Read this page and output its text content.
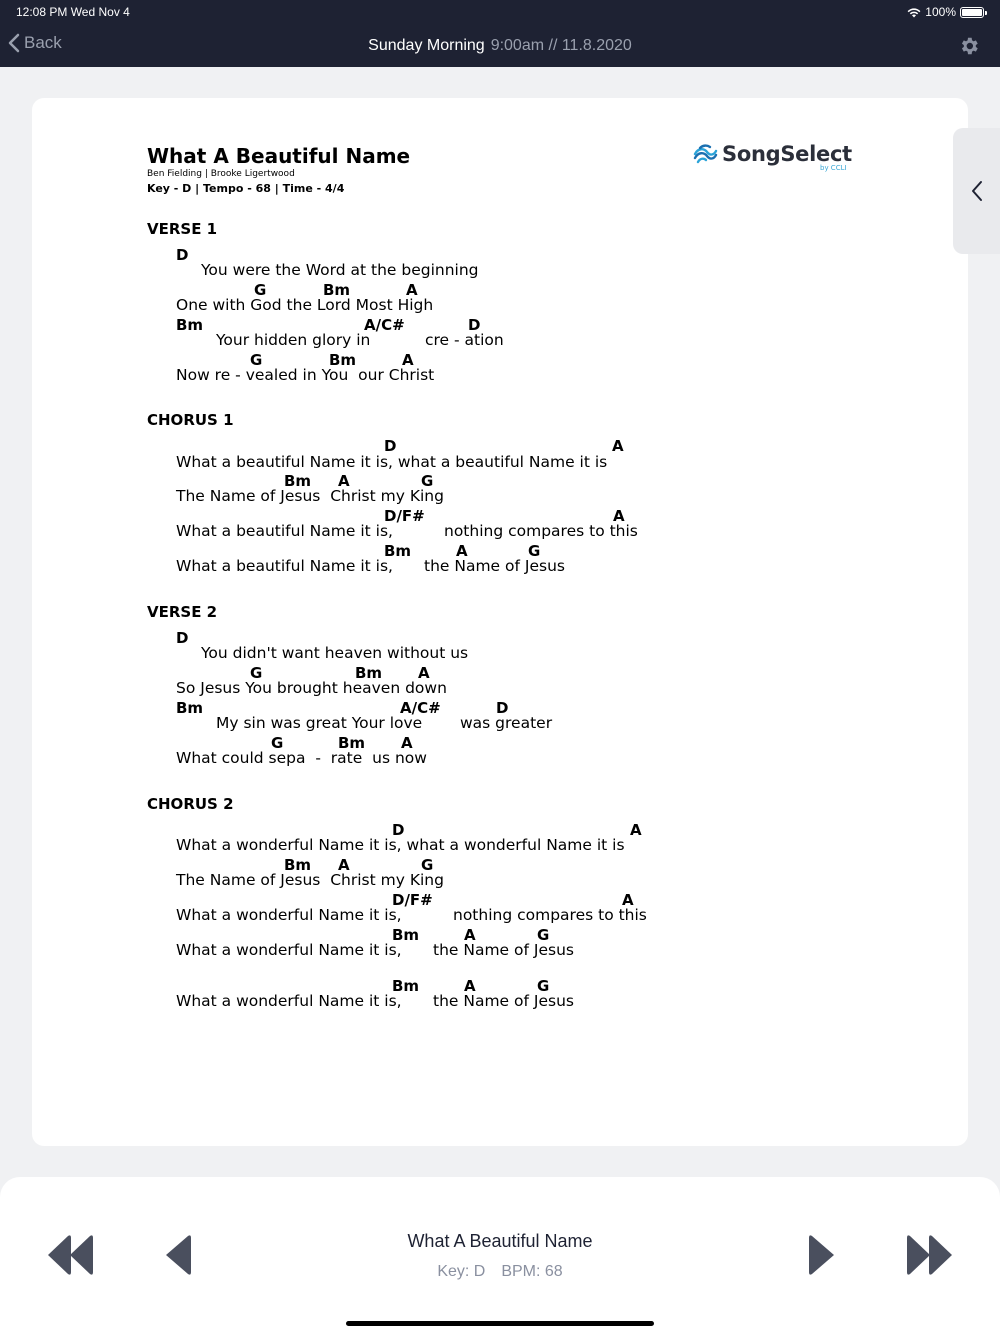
12:08 PM Wed Nov 4	100%
Back	Sunday Morning 9:00am // 11.8.2020
What A Beautiful Name
Ben Fielding | Brooke Ligertwood
Key - D | Tempo - 68 | Time - 4/4
SongSelect
by CCLI
VERSE 1
D
You were the Word at the beginning
G	Bm	A
One with God the Lord Most High
Bm	A/C#	D
Your hidden glory in	cre - ation
G	Bm	A
Now re - vealed in You  our Christ
CHORUS 1
D	A
What a beautiful Name it is, what a beautiful Name it is
Bm A	G
The Name of Jesus  Christ my King
D/F#	A
What a beautiful Name it is,	nothing compares to this
Bm	A	G
What a beautiful Name it is, the Name of Jesus
VERSE 2
D
You didn't want heaven without us
G	Bm A
So Jesus You brought heaven down
Bm	A/C#	D
My sin was great Your love was greater
G	Bm A
What could sepa  -  rate  us now
CHORUS 2
D	A
What a wonderful Name it is, what a wonderful Name it is
Bm A	G
The Name of Jesus  Christ my King
D/F#	A
What a wonderful Name it is,	nothing compares to this
Bm	A	G
What a wonderful Name it is, the Name of Jesus
Bm	A	G
What a wonderful Name it is, the Name of Jesus
What A Beautiful Name
Key: D BPM: 68
